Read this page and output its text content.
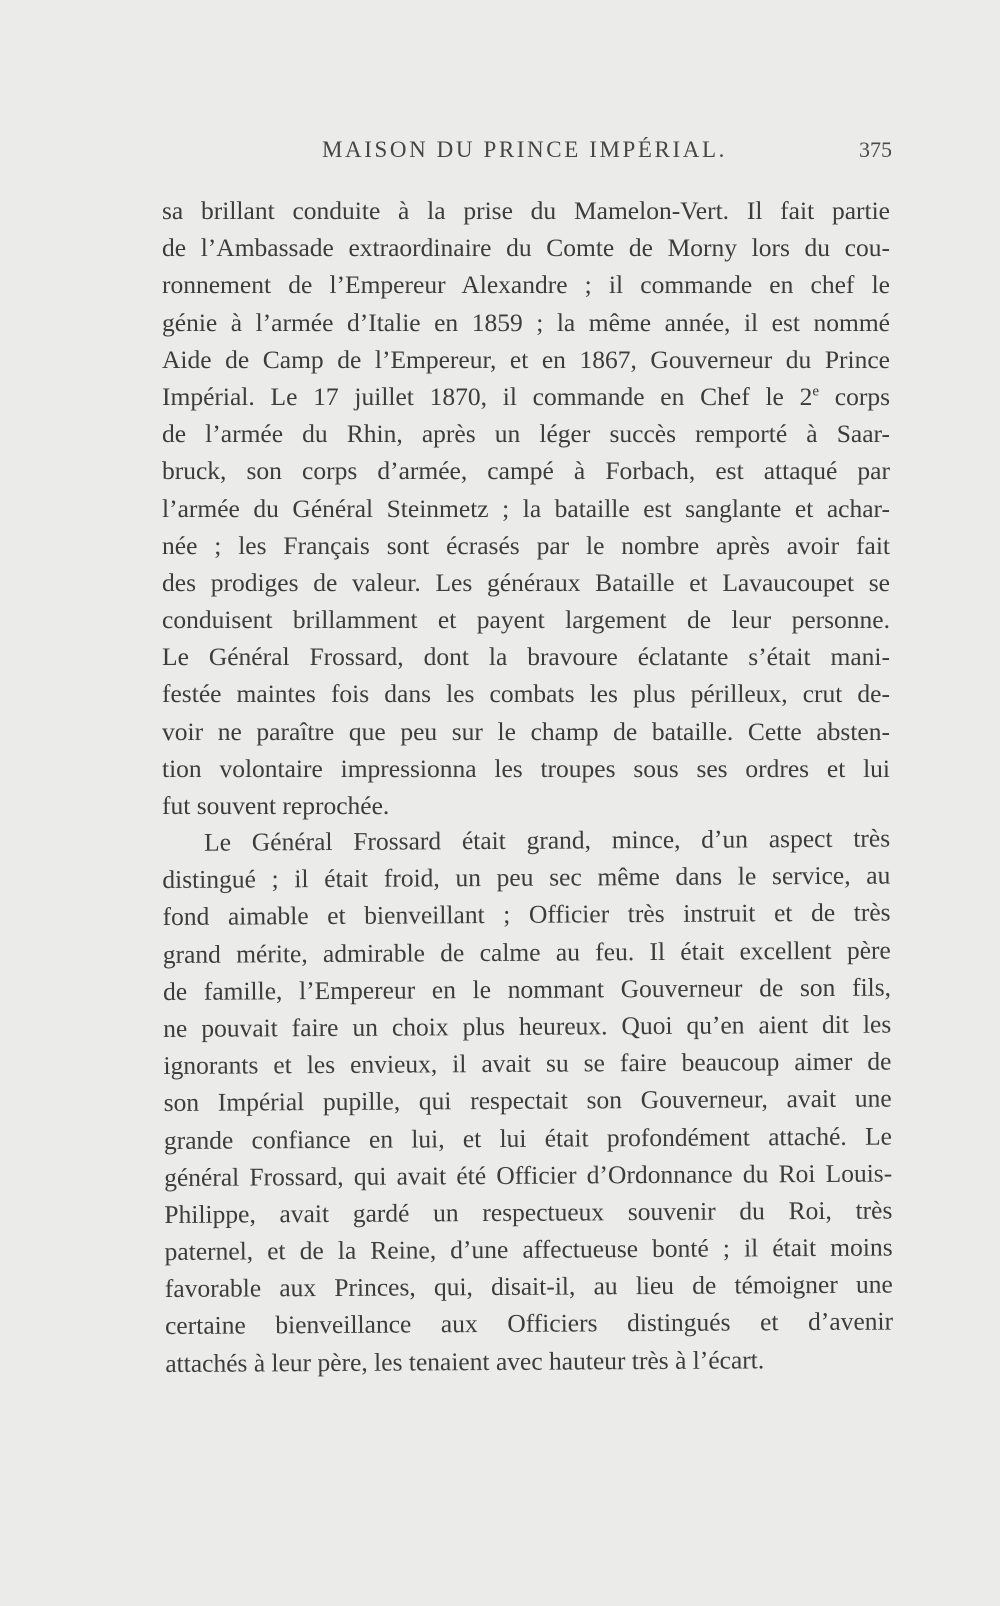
MAISON DU PRINCE IMPÉRIAL.	375
sa brillant conduite à la prise du Mamelon-Vert. Il fait partie
de l’Ambassade extraordinaire du Comte de Morny lors du cou-
ronnement de l’Empereur Alexandre ; il commande en chef le
génie à l’armée d’Italie en 1859 ; la même année, il est nommé
Aide de Camp de l’Empereur, et en 1867, Gouverneur du Prince
Impérial. Le 17 juillet 1870, il commande en Chef le 2e corps
de l’armée du Rhin, après un léger succès remporté à Saar-
bruck, son corps d’armée, campé à Forbach, est attaqué par
l’armée du Général Steinmetz ; la bataille est sanglante et achar-
née ; les Français sont écrasés par le nombre après avoir fait
des prodiges de valeur. Les généraux Bataille et Lavaucoupet se
conduisent brillamment et payent largement de leur personne.
Le Général Frossard, dont la bravoure éclatante s’était mani-
festée maintes fois dans les combats les plus périlleux, crut de-
voir ne paraître que peu sur le champ de bataille. Cette absten-
tion volontaire impressionna les troupes sous ses ordres et lui
fut souvent reprochée.
Le Général Frossard était grand, mince, d’un aspect très
distingué ; il était froid, un peu sec même dans le service, au
fond aimable et bienveillant ; Officier très instruit et de très
grand mérite, admirable de calme au feu. Il était excellent père
de famille, l’Empereur en le nommant Gouverneur de son fils,
ne pouvait faire un choix plus heureux. Quoi qu’en aient dit les
ignorants et les envieux, il avait su se faire beaucoup aimer de
son Impérial pupille, qui respectait son Gouverneur, avait une
grande confiance en lui, et lui était profondément attaché. Le
général Frossard, qui avait été Officier d’Ordonnance du Roi Louis-
Philippe, avait gardé un respectueux souvenir du Roi, très
paternel, et de la Reine, d’une affectueuse bonté ; il était moins
favorable aux Princes, qui, disait-il, au lieu de témoigner une
certaine bienveillance aux Officiers distingués et d’avenir
attachés à leur père, les tenaient avec hauteur très à l’écart.
